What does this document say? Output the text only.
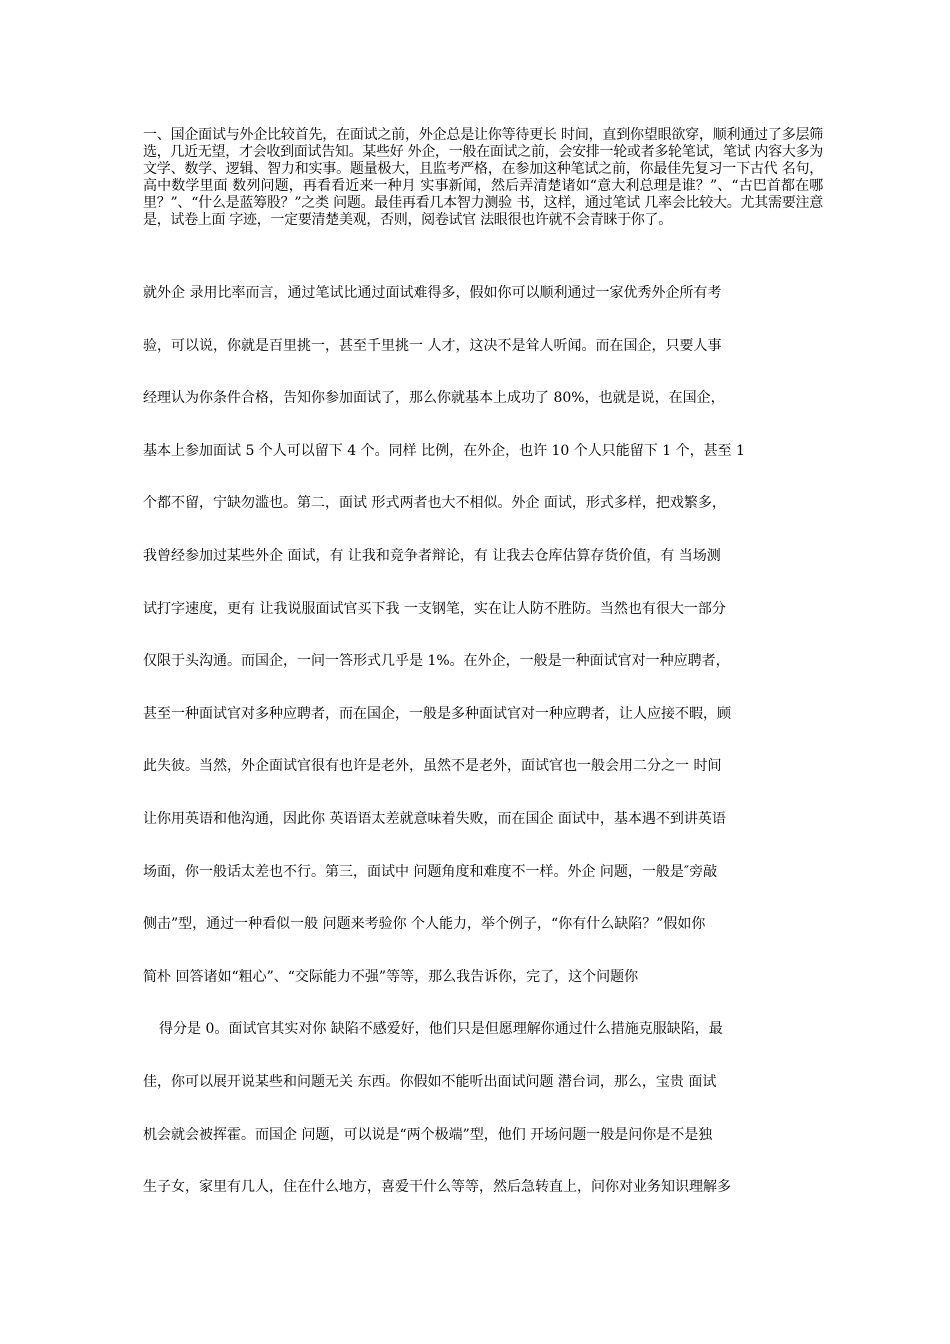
一、国企面试与外企比较首先，在面试之前，外企总是让你等待更长 时间，直到你望眼欲穿，顺利通过了多层筛选，几近无望，才会收到面试告知。某些好 外企，一般在面试之前，会安排一轮或者多轮笔试，笔试 内容大多为文学、数学、逻辑、智力和实事。题量极大，且监考严格，在参加这种笔试之前，你最佳先复习一下古代 名句，高中数学里面 数列问题，再看看近来一种月 实事新闻，然后弄清楚诸如“意大利总理是谁？”、“古巴首都在哪里？”、“什么是蓝筹股？”之类 问题。最佳再看几本智力测验 书，这样，通过笔试 几率会比较大。尤其需要注意是，试卷上面 字迹，一定要清楚美观，否则，阅卷试官 法眼很也许就不会青睐于你了。
就外企 录用比率而言，通过笔试比通过面试难得多，假如你可以顺利通过一家优秀外企所有考
验，可以说，你就是百里挑一，甚至千里挑一 人才，这决不是耸人听闻。而在国企，只要人事
经理认为你条件合格，告知你参加面试了，那么你就基本上成功了 80%，也就是说，在国企，
基本上参加面试 5 个人可以留下 4 个。同样 比例，在外企，也许 10 个人只能留下 1 个，甚至 1
个都不留，宁缺勿滥也。第二，面试 形式两者也大不相似。外企 面试，形式多样，把戏繁多，
我曾经参加过某些外企 面试，有 让我和竞争者辩论，有 让我去仓库估算存货价值，有 当场测
试打字速度，更有 让我说服面试官买下我 一支钢笔，实在让人防不胜防。当然也有很大一部分
仅限于头沟通。而国企，一问一答形式几乎是 1%。在外企，一般是一种面试官对一种应聘者，
甚至一种面试官对多种应聘者，而在国企，一般是多种面试官对一种应聘者，让人应接不暇，顾
此失彼。当然，外企面试官很有也许是老外，虽然不是老外，面试官也一般会用二分之一 时间
让你用英语和他沟通，因此你 英语语太差就意味着失败，而在国企 面试中，基本遇不到讲英语
场面，你一般话太差也不行。第三，面试中 问题角度和难度不一样。外企 问题，一般是″旁敲
侧击”型，通过一种看似一般 问题来考验你 个人能力，举个例子，“你有什么缺陷？”假如你
简朴 回答诸如“粗心”、“交际能力不强”等等，那么我告诉你，完了，这个问题你
得分是 0。面试官其实对你 缺陷不感爱好，他们只是但愿理解你通过什么措施克服缺陷，最
佳，你可以展开说某些和问题无关 东西。你假如不能听出面试问题 潜台词，那么，宝贵 面试
机会就会被挥霍。而国企 问题，可以说是“两个极端”型，他们 开场问题一般是问你是不是独
生子女，家里有几人，住在什么地方，喜爱干什么等等，然后急转直上，问你对业务知识理解多
